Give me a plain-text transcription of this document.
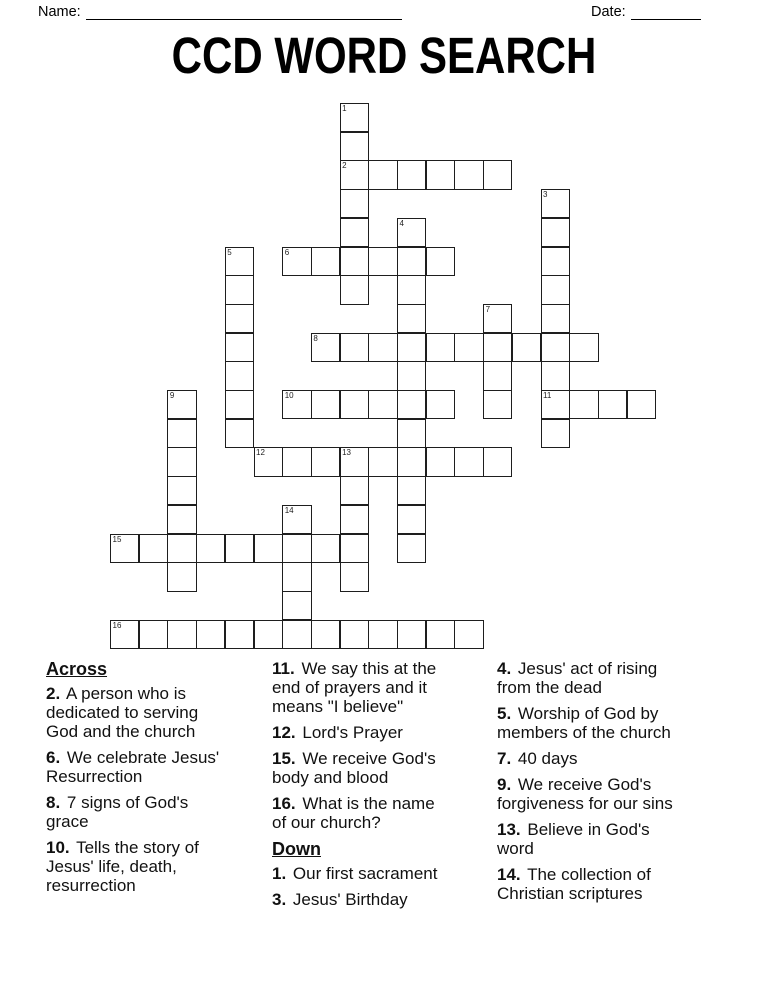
Name:	Date:
CCD WORD SEARCH
1
2
3
11
4
5	6
7
8
9	10
12	13
14
15
16
Across
2. A person who is dedicated to serving God and the church
6. We celebrate Jesus' Resurrection
8. 7 signs of God's grace
10. Tells the story of Jesus' life, death, resurrection
11. We say this at the end of prayers and it means "I believe"
12. Lord's Prayer
15. We receive God's body and blood
16. What is the name of our church?
Down
1. Our first sacrament
3. Jesus' Birthday
4. Jesus' act of rising from the dead
5. Worship of God by members of the church
7. 40 days
9. We receive God's forgiveness for our sins
13. Believe in God's word
14. The collection of Christian scriptures
